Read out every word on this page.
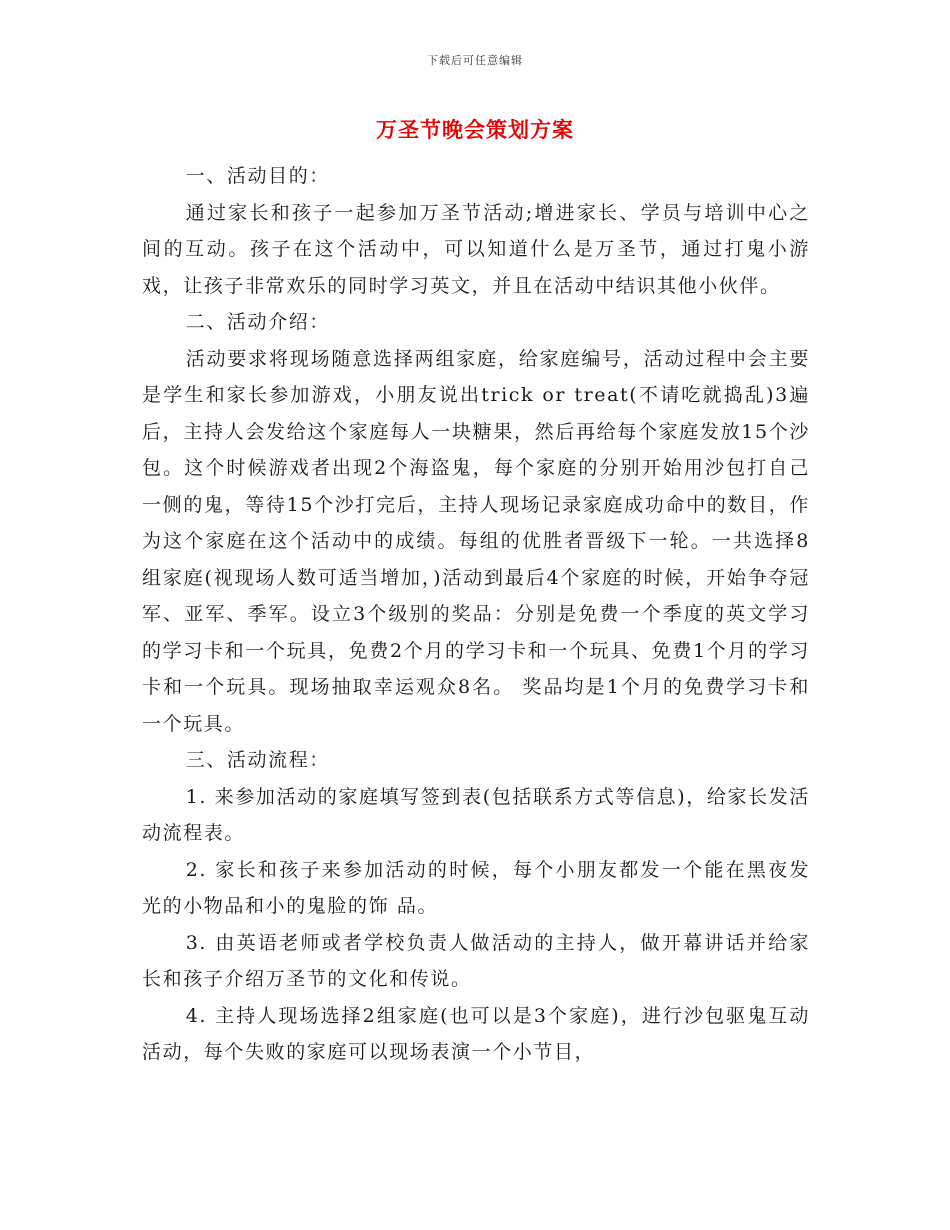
下载后可任意编辑
万圣节晚会策划方案

一、活动目的：

通过家长和孩子一起参加万圣节活动;增进家长、学员与培训中心之间的互动。孩子在这个活动中，可以知道什么是万圣节，通过打鬼小游戏，让孩子非常欢乐的同时学习英文，并且在活动中结识其他小伙伴。

二、活动介绍：

活动要求将现场随意选择两组家庭，给家庭编号，活动过程中会主要是学生和家长参加游戏，小朋友说出trick or treat(不请吃就捣乱)3遍后，主持人会发给这个家庭每人一块糖果，然后再给每个家庭发放15个沙包。这个时候游戏者出现2个海盗鬼，每个家庭的分别开始用沙包打自己一侧的鬼，等待15个沙打完后，主持人现场记录家庭成功命中的数目，作为这个家庭在这个活动中的成绩。每组的优胜者晋级下一轮。一共选择8组家庭(视现场人数可适当增加，)活动到最后4个家庭的时候，开始争夺冠军、亚军、季军。设立3个级别的奖品：分别是免费一个季度的英文学习的学习卡和一个玩具，免费2个月的学习卡和一个玩具、免费1个月的学习卡和一个玩具。现场抽取幸运观众8名。 奖品均是1个月的免费学习卡和一个玩具。

三、活动流程：

1. 来参加活动的家庭填写签到表(包括联系方式等信息)，给家长发活动流程表。

2. 家长和孩子来参加活动的时候，每个小朋友都发一个能在黑夜发光的小物品和小的鬼脸的饰 品。

3. 由英语老师或者学校负责人做活动的主持人，做开幕讲话并给家长和孩子介绍万圣节的文化和传说。

4. 主持人现场选择2组家庭(也可以是3个家庭)，进行沙包驱鬼互动活动，每个失败的家庭可以现场表演一个小节目，
